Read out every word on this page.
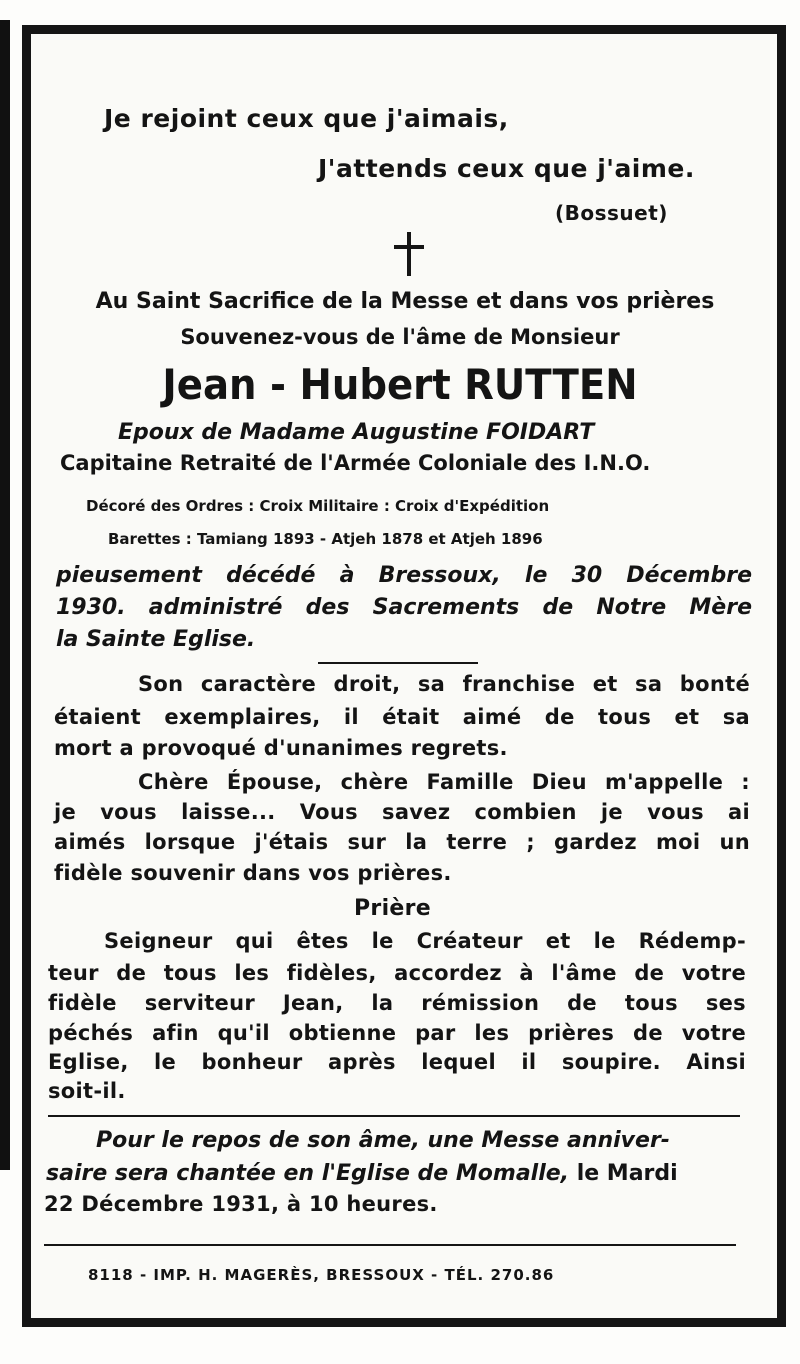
Je rejoint ceux que j'aimais,

J'attends ceux que j'aime.

(Bossuet)

Au Saint Sacrifice de la Messe et dans vos prières

Souvenez-vous de l'âme de Monsieur

Jean - Hubert RUTTEN

Epoux de Madame Augustine FOIDART

Capitaine Retraité de l'Armée Coloniale des I.N.O.

Décoré des Ordres : Croix Militaire : Croix d'Expédition

Barettes : Tamiang 1893 - Atjeh 1878 et Atjeh 1896

pieusement décédé à Bressoux, le 30 Décembre

1930. administré des Sacrements de Notre Mère

la Sainte Eglise.

Son caractère droit, sa franchise et sa bonté

étaient exemplaires, il était aimé de tous et sa

mort a provoqué d'unanimes regrets.

Chère Épouse, chère Famille Dieu m'appelle :

je vous laisse... Vous savez combien je vous ai

aimés lorsque j'étais sur la terre ; gardez moi un

fidèle souvenir dans vos prières.

Prière

Seigneur qui êtes le Créateur et le Rédemp-

teur de tous les fidèles, accordez à l'âme de votre

fidèle serviteur Jean, la rémission de tous ses

péchés afin qu'il obtienne par les prières de votre

Eglise, le bonheur après lequel il soupire. Ainsi

soit-il.

Pour le repos de son âme, une Messe anniver-

saire sera chantée en l'Eglise de Momalle, le Mardi

22 Décembre 1931, à 10 heures.

8118 - IMP. H. MAGERÈS, BRESSOUX - TÉL. 270.86
